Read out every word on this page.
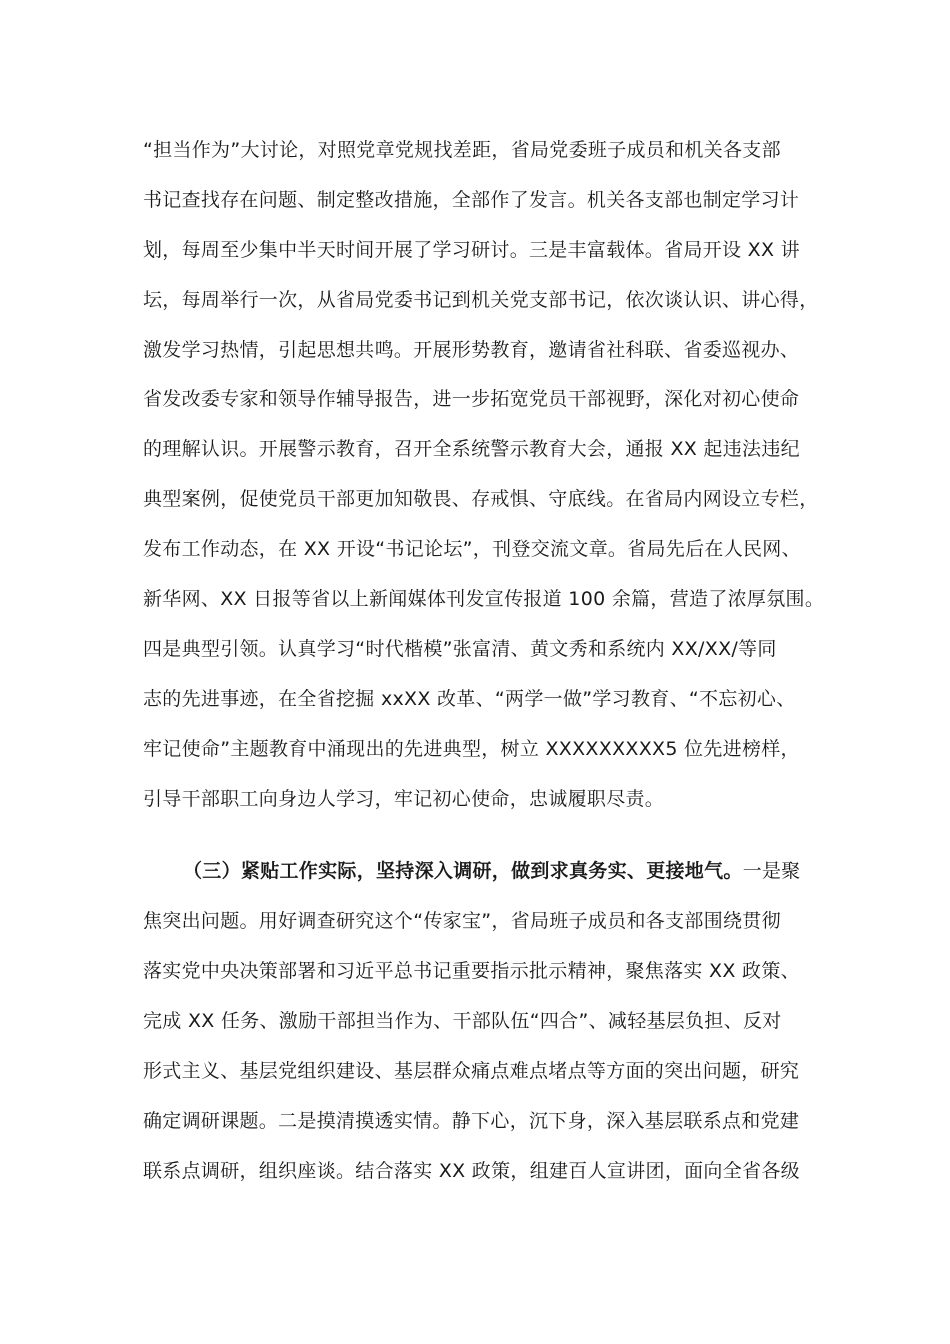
“担当作为”大讨论，对照党章党规找差距，省局党委班子成员和机关各支部
书记查找存在问题、制定整改措施，全部作了发言。机关各支部也制定学习计
划，每周至少集中半天时间开展了学习研讨。三是丰富载体。省局开设 XX 讲
坛，每周举行一次，从省局党委书记到机关党支部书记，依次谈认识、讲心得，
激发学习热情，引起思想共鸣。开展形势教育，邀请省社科联、省委巡视办、
省发改委专家和领导作辅导报告，进一步拓宽党员干部视野，深化对初心使命
的理解认识。开展警示教育，召开全系统警示教育大会，通报 XX 起违法违纪
典型案例，促使党员干部更加知敬畏、存戒惧、守底线。在省局内网设立专栏，
发布工作动态，在 XX 开设“书记论坛”，刊登交流文章。省局先后在人民网、
新华网、XX 日报等省以上新闻媒体刊发宣传报道 100 余篇，营造了浓厚氛围。
四是典型引领。认真学习“时代楷模”张富清、黄文秀和系统内 XX/XX/等同
志的先进事迹，在全省挖掘 xxXX 改革、“两学一做”学习教育、“不忘初心、
牢记使命”主题教育中涌现出的先进典型，树立 XXXXXXXXX5 位先进榜样，
引导干部职工向身边人学习，牢记初心使命，忠诚履职尽责。
（三）紧贴工作实际，坚持深入调研，做到求真务实、更接地气。一是聚
焦突出问题。用好调查研究这个“传家宝”，省局班子成员和各支部围绕贯彻
落实党中央决策部署和习近平总书记重要指示批示精神，聚焦落实 XX 政策、
完成 XX 任务、激励干部担当作为、干部队伍“四合”、减轻基层负担、反对
形式主义、基层党组织建设、基层群众痛点难点堵点等方面的突出问题，研究
确定调研课题。二是摸清摸透实情。静下心，沉下身，深入基层联系点和党建
联系点调研，组织座谈。结合落实 XX 政策，组建百人宣讲团，面向全省各级
